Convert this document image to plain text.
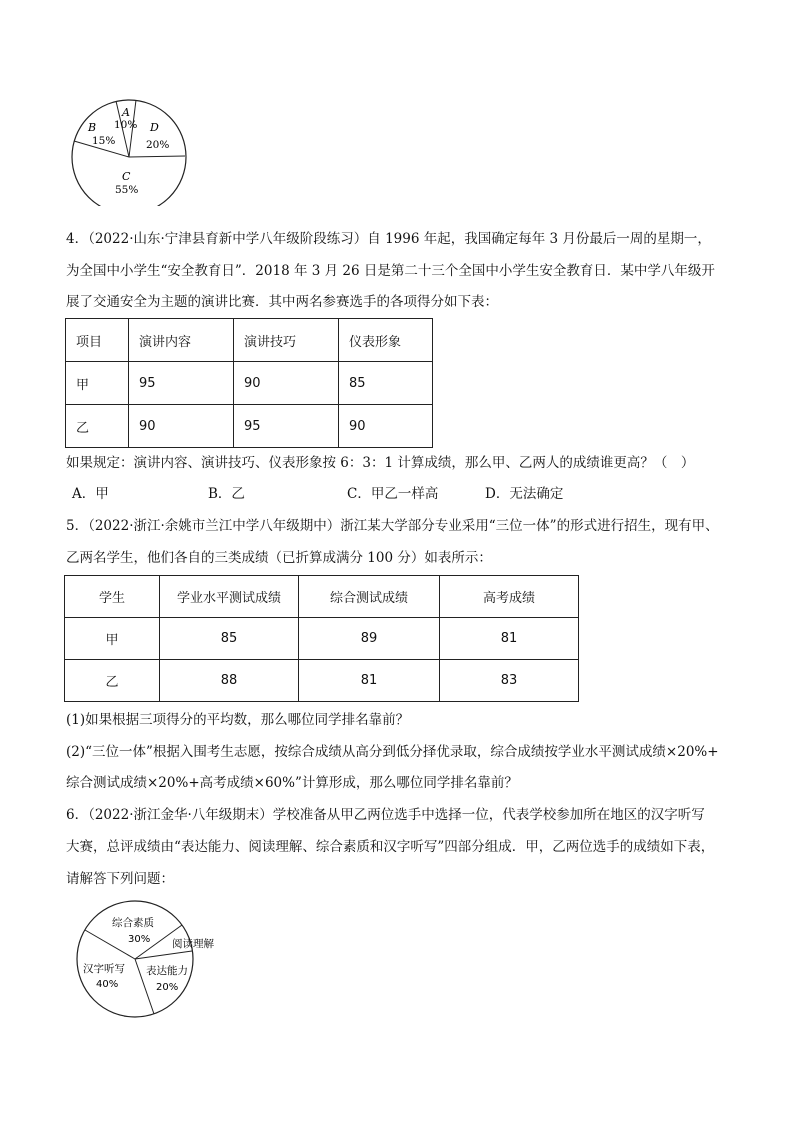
A
10%
B
15%
D
20%
C
55%
4．（2022·山东·宁津县育新中学八年级阶段练习）自 1996 年起，我国确定每年 3 月份最后一周的星期一，
为全国中小学生“安全教育日”．2018 年 3 月 26 日是第二十三个全国中小学生安全教育日．某中学八年级开
展了交通安全为主题的演讲比赛．其中两名参赛选手的各项得分如下表：
项目	演讲内容	演讲技巧	仪表形象
甲	95	90	85
乙	90	95	90
如果规定：演讲内容、演讲技巧、仪表形象按 6：3：1 计算成绩，那么甲、乙两人的成绩谁更高？（　）
A．甲	B．乙	C．甲乙一样高	D．无法确定
5．（2022·浙江·余姚市兰江中学八年级期中）浙江某大学部分专业采用“三位一体”的形式进行招生，现有甲、
乙两名学生，他们各自的三类成绩（已折算成满分 100 分）如表所示：
学生	学业水平测试成绩	综合测试成绩	高考成绩
甲	85	89	81
乙	88	81	83
(1)如果根据三项得分的平均数，那么哪位同学排名靠前？
(2)“三位一体”根据入围考生志愿，按综合成绩从高分到低分择优录取，综合成绩按学业水平测试成绩×20%+
综合测试成绩×20%+高考成绩×60%”计算形成，那么哪位同学排名靠前？
6．（2022·浙江金华·八年级期末）学校准备从甲乙两位选手中选择一位，代表学校参加所在地区的汉字听写
大赛，总评成绩由“表达能力、阅读理解、综合素质和汉字听写”四部分组成．甲，乙两位选手的成绩如下表，
请解答下列问题：
综合素质
30% 阅读理解
表达能力
20%
汉字听写
40%
